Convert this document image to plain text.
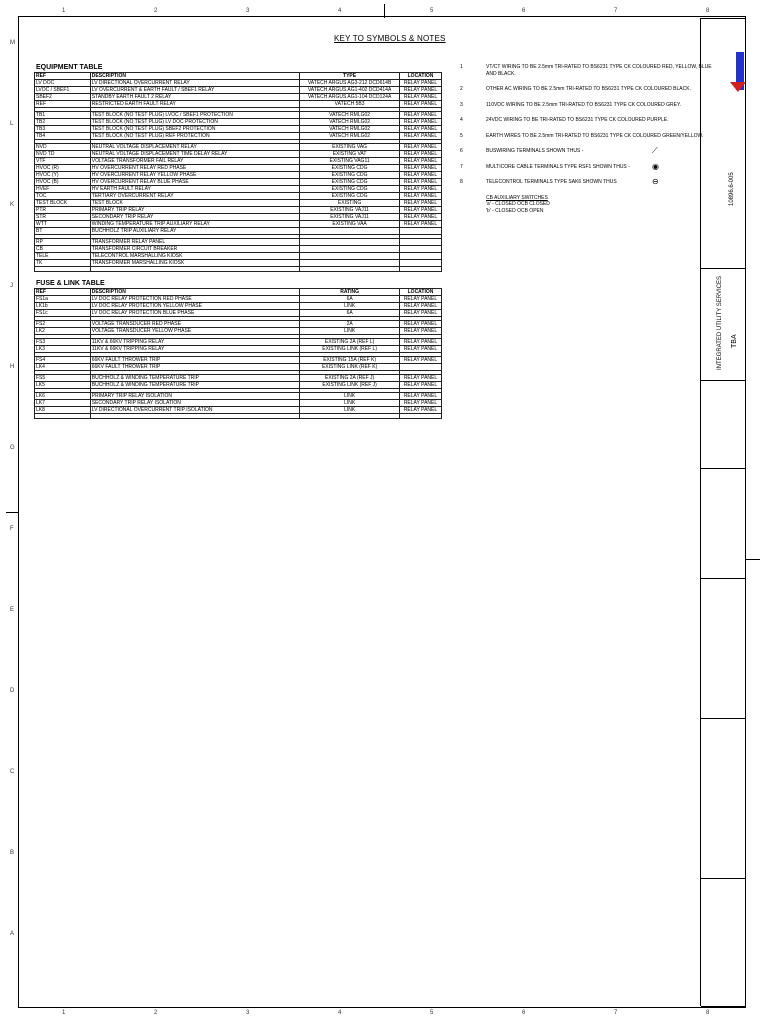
1
1
2
2
3
3
4
4
5
5
6
6
7
7
8
8
M
L
K
J
H
G
F
E
D
C
B
A
KEY TO SYMBOLS & NOTES
EQUIPMENT TABLE
REF	DESCRIPTION	TYPE	LOCATION
LV DOC	LV DIRECTIONAL OVERCURRENT RELAY	VATECH ARGUS AG3-212 DCD614B	RELAY PANEL
LVOC / SBEF1	LV OVERCURRENT & EARTH FAULT / SBEF1 RELAY	VATECH ARGUS AG1-402 DCD414A	RELAY PANEL
SBEF2	STANDBY EARTH FAULT 2 RELAY	VATECH ARGUS AG1-104 DCD124A	RELAY PANEL
REF	RESTRICTED EARTH FAULT RELAY	VATECH 5B3	RELAY PANEL

TB1	TEST BLOCK (NO TEST PLUG) LVOC / SBEF1 PROTECTION	VATECH RMLG02	RELAY PANEL
TB2	TEST BLOCK (NO TEST PLUG) LV DOC PROTECTION	VATECH RMLG02	RELAY PANEL
TB3	TEST BLOCK (NO TEST PLUG) SBEF2 PROTECTION	VATECH RMLG02	RELAY PANEL
TB4	TEST BLOCK (NO TEST PLUG) REF PROTECTION	VATECH RMLG02	RELAY PANEL

NVD	NEUTRAL VOLTAGE DISPLACEMENT RELAY	EXISTING VAG	RELAY PANEL
NVD TD	NEUTRAL VOLTAGE DISPLACEMENT TIME DELAY RELAY	EXISTING VAT	RELAY PANEL
VTF	VOLTAGE TRANSFORMER FAIL RELAY	EXISTING VAG11	RELAY PANEL
HVOC (R)	HV OVERCURRENT RELAY RED PHASE	EXISTING CDG	RELAY PANEL
HVOC (Y)	HV OVERCURRENT RELAY YELLOW PHASE	EXISTING CDG	RELAY PANEL
HVOC (B)	HV OVERCURRENT RELAY BLUE PHASE	EXISTING CDG	RELAY PANEL
HVEF	HV EARTH FAULT RELAY	EXISTING CDG	RELAY PANEL
TOC	TERTIARY OVERCURRENT RELAY	EXISTING CDG	RELAY PANEL
TEST BLOCK	TEST BLOCK	EXISTING	RELAY PANEL
PTR	PRIMARY TRIP RELAY	EXISTING VAJ11	RELAY PANEL
STR	SECONDARY TRIP RELAY	EXISTING VAJ11	RELAY PANEL
WTT	WINDING TEMPERATURE TRIP AUXILIARY RELAY	EXISTING VAA	RELAY PANEL
BT	BUCHHOLZ TRIP AUXILIARY RELAY		

RP	TRANSFORMER RELAY PANEL		
CB	TRANSFORMER CIRCUIT BREAKER		
TELE	TELECONTROL MARSHALLING KIOSK		
TK	TRANSFORMER MARSHALLING KIOSK		

FUSE & LINK TABLE
REF	DESCRIPTION	RATING	LOCATION
FS1a	LV DOC RELAY PROTECTION RED PHASE	6A	RELAY PANEL
LK1b	LV DOC RELAY PROTECTION YELLOW PHASE	LINK	RELAY PANEL
FS1c	LV DOC RELAY PROTECTION BLUE PHASE	6A	RELAY PANEL

FS2	VOLTAGE TRANSDUCER RED PHASE	2A	RELAY PANEL
LK2	VOLTAGE TRANSDUCER YELLOW PHASE	LINK	RELAY PANEL

FS3	11KV & 66KV TRIPPING RELAY	EXISTING 2A (REF L)	RELAY PANEL
LK3	11KV & 66KV TRIPPING RELAY	EXISTING LINK (REF L)	RELAY PANEL

FS4	66KV FAULT THROWER TRIP	EXISTING 15A (REF K)	RELAY PANEL
LK4	66KV FAULT THROWER TRIP	EXISTING LINK (REF K)	

FS5	BUCHHOLZ & WINDING TEMPERATURE TRIP	EXISTING 2A (REF J)	RELAY PANEL
LK5	BUCHHOLZ & WINDING TEMPERATURE TRIP	EXISTING LINK (REF J)	RELAY PANEL

LK6	PRIMARY TRIP RELAY ISOLATION	LINK	RELAY PANEL
LK7	SECONDARY TRIP RELAY ISOLATION	LINK	RELAY PANEL
LK8	LV DIRECTIONAL OVERCURRENT TRIP ISOLATION	LINK	RELAY PANEL

1	VT/CT WIRING TO BE 2.5mm TRI-RATED TO BS6231 TYPE CK COLOURED RED, YELLOW, BLUE AND BLACK.
2	OTHER AC WIRING TO BE 2.5mm TRI-RATED TO BS6231 TYPE CK COLOURED BLACK.
3	110VDC WIRING TO BE 2.5mm TRI-RATED TO BS6231 TYPE CK COLOURED GREY.
4	24VDC WIRING TO BE TRI-RATED TO BS6231 TYPE CK COLOURED PURPLE.
5	EARTH WIRES TO BE 2.5mm TRI-RATED TO BS6231 TYPE CK COLOURED GREEN/YELLOW.
6	BUSWIRING TERMINALS SHOWN THUS -	⟋
7	MULTICORE CABLE TERMINALS TYPE RSF1 SHOWN THUS -	◉
8	TELECONTROL TERMINALS TYPE SAK6 SHOWN THUS	⊖
CB AUXILIARY SWITCHES
'a' - CLOSED OCB CLOSED
'b' - CLOSED OCB OPEN
INTEGRATED UTILITY SERVICES TBA
10896.6-005
